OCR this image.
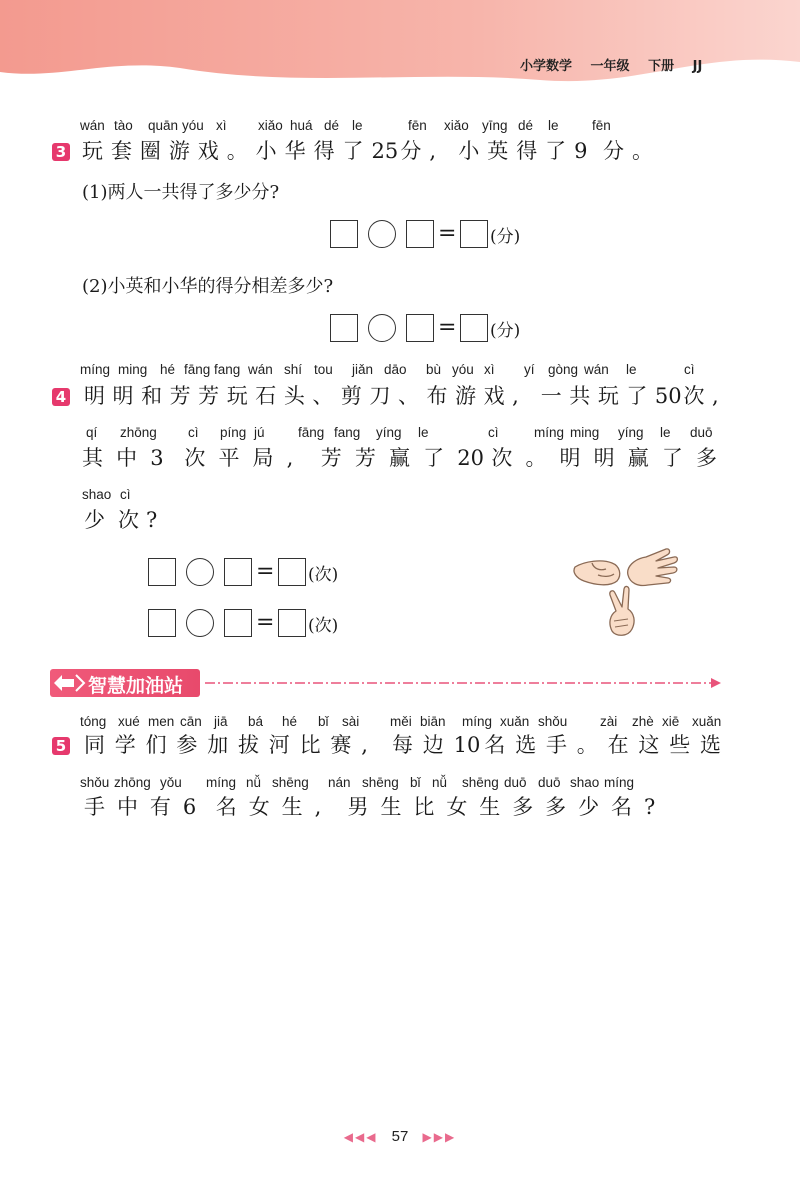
小学数学 一年级 下册 JJ
3
wán tào quān yóu xì xiǎo huá dé le	fēn xiǎo yīng dé le fēn
玩 套 圈 游 戏 。 小 华 得 了 25 分 , 小 英 得 了 9 分 。
(1)两人一共得了多少分?
= (分)
(2)小英和小华的得分相差多少?
= (分)
4
míng ming hé fāng fang wán shí tou jiǎn dāo bù yóu xì yí gòng wán le	cì
明 明 和 芳 芳 玩 石 头 、 剪 刀 、 布 游 戏 , 一 共 玩 了 50 次 ,
qí zhōng cì píng jú fāng fang yíng le	cì	míng ming yíng le duō
其 中 3 次 平 局 , 芳 芳 赢 了 20 次 。 明 明 赢 了 多
shao cì
少 次 ?
= (次)
= (次)
智慧加油站
5
tóng xué men cān jiā bá hé bǐ sài měi biān míng xuǎn shǒu zài zhè xiē xuǎn
同 学 们 参 加 拔 河 比 赛 , 每 边 10 名 选 手 。 在 这 些 选
shǒu zhōng yǒu míng nǚ shēng nán shēng bǐ nǚ shēng duō duō shao míng
手 中 有 6 名 女 生 , 男 生 比 女 生 多 多 少 名 ?
◀◀◀ 57 ▶▶▶
